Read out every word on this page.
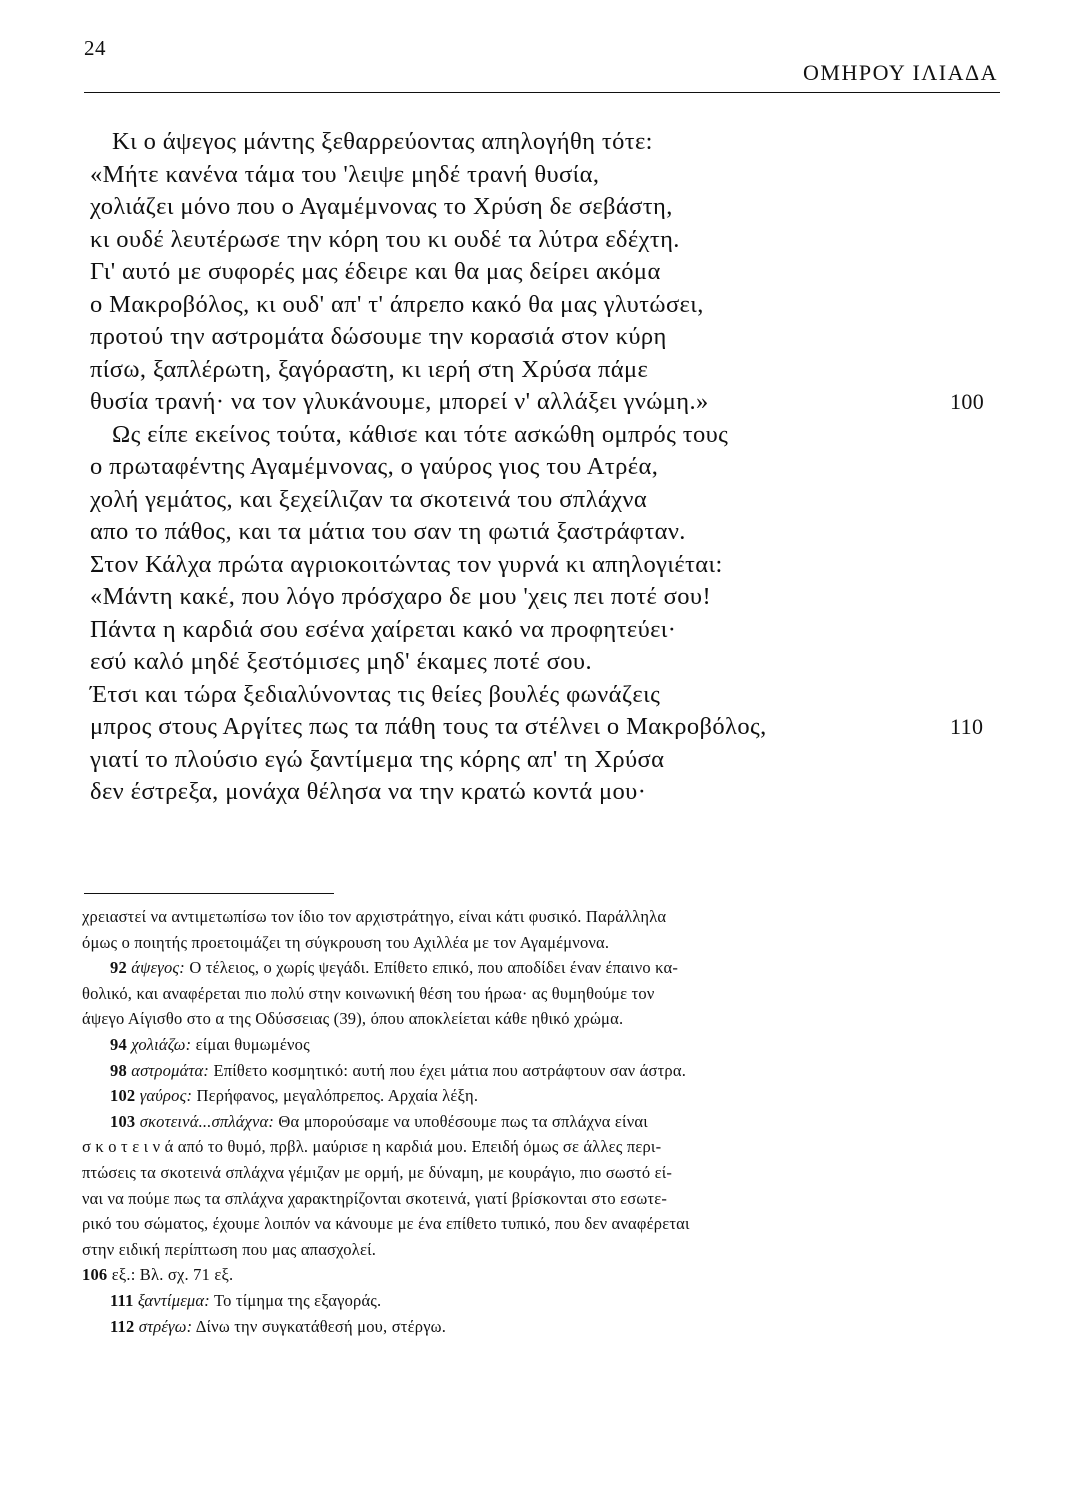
24
ΟΜΗΡΟΥ ΙΛΙΑΔΑ
Κι ο άψεγος μάντης ξεθαρρεύοντας απηλογήθη τότε:
«Μήτε κανένα τάμα του 'λειψε μηδέ τρανή θυσία,
χολιάζει μόνο που ο Αγαμέμνονας το Χρύση δε σεβάστη,
κι ουδέ λευτέρωσε την κόρη του κι ουδέ τα λύτρα εδέχτη.
Γι' αυτό με συφορές μας έδειρε και θα μας δείρει ακόμα
ο Μακροβόλος, κι ουδ' απ' τ' άπρεπο κακό θα μας γλυτώσει,
προτού την αστρομάτα δώσουμε την κορασιά στον κύρη
πίσω, ξαπλέρωτη, ξαγόραστη, κι ιερή στη Χρύσα πάμε
θυσία τρανή· να τον γλυκάνουμε, μπορεί ν' αλλάξει γνώμη.»	100
Ως είπε εκείνος τούτα, κάθισε και τότε ασκώθη ομπρός τους
ο πρωταφέντης Αγαμέμνονας, ο γαύρος γιος του Ατρέα,
χολή γεμάτος, και ξεχείλιζαν τα σκοτεινά του σπλάχνα
απο το πάθος, και τα μάτια του σαν τη φωτιά ξαστράφταν.
Στον Κάλχα πρώτα αγριοκοιτώντας τον γυρνά κι απηλογιέται:
«Μάντη κακέ, που λόγο πρόσχαρο δε μου 'χεις πει ποτέ σου!
Πάντα η καρδιά σου εσένα χαίρεται κακό να προφητεύει·
εσύ καλό μηδέ ξεστόμισες μηδ' έκαμες ποτέ σου.
Έτσι και τώρα ξεδιαλύνοντας τις θείες βουλές φωνάζεις
μπρος στους Αργίτες πως τα πάθη τους τα στέλνει ο Μακροβόλος,	110
γιατί το πλούσιο εγώ ξαντίμεμα της κόρης απ' τη Χρύσα
δεν έστρεξα, μονάχα θέλησα να την κρατώ κοντά μου·
χρειαστεί να αντιμετωπίσω τον ίδιο τον αρχιστράτηγο, είναι κάτι φυσικό. Παράλληλα
όμως ο ποιητής προετοιμάζει τη σύγκρουση του Αχιλλέα με τον Αγαμέμνονα.
92 άψεγος: Ο τέλειος, ο χωρίς ψεγάδι. Επίθετο επικό, που αποδίδει έναν έπαινο κα-
θολικό, και αναφέρεται πιο πολύ στην κοινωνική θέση του ήρωα· ας θυμηθούμε τον
άψεγο Αίγισθο στο α της Οδύσσειας (39), όπου αποκλείεται κάθε ηθικό χρώμα.
94 χολιάζω: είμαι θυμωμένος
98 αστρομάτα: Επίθετο κοσμητικό: αυτή που έχει μάτια που αστράφτουν σαν άστρα.
102 γαύρος: Περήφανος, μεγαλόπρεπος. Αρχαία λέξη.
103 σκοτεινά...σπλάχνα: Θα μπορούσαμε να υποθέσουμε πως τα σπλάχνα είναι
σ κ ο τ ε ι ν ά από το θυμό, πρβλ. μαύρισε η καρδιά μου. Επειδή όμως σε άλλες περι-
πτώσεις τα σκοτεινά σπλάχνα γέμιζαν με ορμή, με δύναμη, με κουράγιο, πιο σωστό εί-
ναι να πούμε πως τα σπλάχνα χαρακτηρίζονται σκοτεινά, γιατί βρίσκονται στο εσωτε-
ρικό του σώματος, έχουμε λοιπόν να κάνουμε με ένα επίθετο τυπικό, που δεν αναφέρεται
στην ειδική περίπτωση που μας απασχολεί.
106 εξ.: Βλ. σχ. 71 εξ.
111 ξαντίμεμα: Το τίμημα της εξαγοράς.
112 στρέγω: Δίνω την συγκατάθεσή μου, στέργω.
